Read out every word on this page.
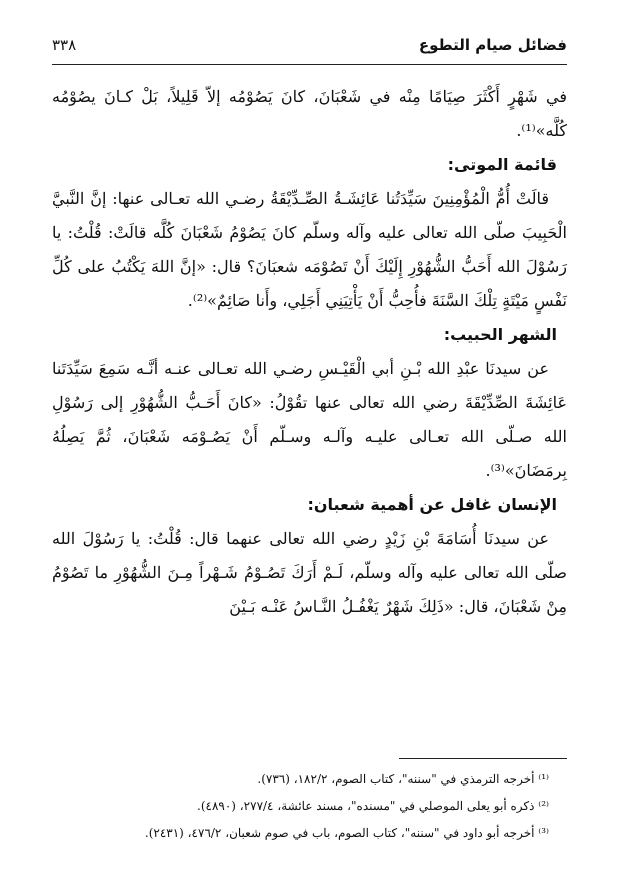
فضائل صيام التطوع
٣٣٨

في شَهْرٍ أَكْثَرَ صِيَامًا مِنْه في شَعْبَانَ، كانَ يَصُوْمُه إلاّ قَلِيلاً، بَلْ كـانَ يصُوْمُه كُلَّه»⁽¹⁾.

قائمة الموتى:

قالَتْ أُمُّ الْمُؤْمِنِينَ سَيِّدَتُنا عَائِشَـةُ الصِّـدِّيْقَةُ رضـي الله تعـالى عنها: إنَّ النَّبيَّ الْحَبِيبَ صلّى الله تعالى عليه وآله وسلّم كانَ يَصُوْمُ شَعْبَانَ كُلَّه قالَتْ: قُلْتُ: يا رَسُوْلَ الله أَحَبُّ الشُّهُوْرِ إِلَيْكَ أَنْ تَصُوْمَه شعبَانَ؟ قال: «إنَّ اللهَ يَكْتُبُ على كُلِّ نَفْسٍ مَيْتَةٍ تِلْكَ السَّنَةَ فأُحِبُّ أَنْ يَأْتِيَنِي أَجَلِي، وأَنا صَائِمٌ»⁽²⁾.

الشهر الحبيب:

عن سيدنَا عبْدِ الله بْـنِ أبي الْقَيْـسِ رضـي الله تعـالى عنـه أنَّـه سَمِعَ سَيِّدَتَنا عَائِشَةَ الصِّدِّيْقَةَ رضي الله تعالى عنها تقُوْلُ: «كانَ أَحَـبُّ الشُّهُوْرِ إلى رَسُوْلِ الله صـلّى الله تعـالى عليـه وآلـه وسـلّم أَنْ يَصُـوْمَه شَعْبَانَ، ثُمَّ يَصِلُهُ بِرمَضَانَ»⁽³⁾.

الإنسان غافل عن أهمية شعبان:

عن سيدنَا أُسَامَةَ بْنِ زَيْدٍ رضي الله تعالى عنهما قال: قُلْتُ: يا رَسُوْلَ الله صلّى الله تعالى عليه وآله وسلّم، لَـمْ أَرَكَ تَصُـوْمُ شَـهْراً مِـنَ الشُّهُوْرِ ما تَصُوْمُ مِنْ شَعْبَانَ، قال: «ذَلِكَ شَهْرٌ يَغْفُـلُ النَّـاسُ عَنْـه بَـيْنَ

⁽¹⁾ أخرجه الترمذي في "سننه"، كتاب الصوم، ١٨٢/٢، (٧٣٦).

⁽²⁾ ذكره أبو يعلى الموصلي في "مسنده"، مسند عائشة، ٢٧٧/٤، (٤٨٩٠).

⁽³⁾ أخرجه أبو داود في "سننه"، كتاب الصوم، باب في صوم شعبان، ٤٧٦/٢، (٢٤٣١).
